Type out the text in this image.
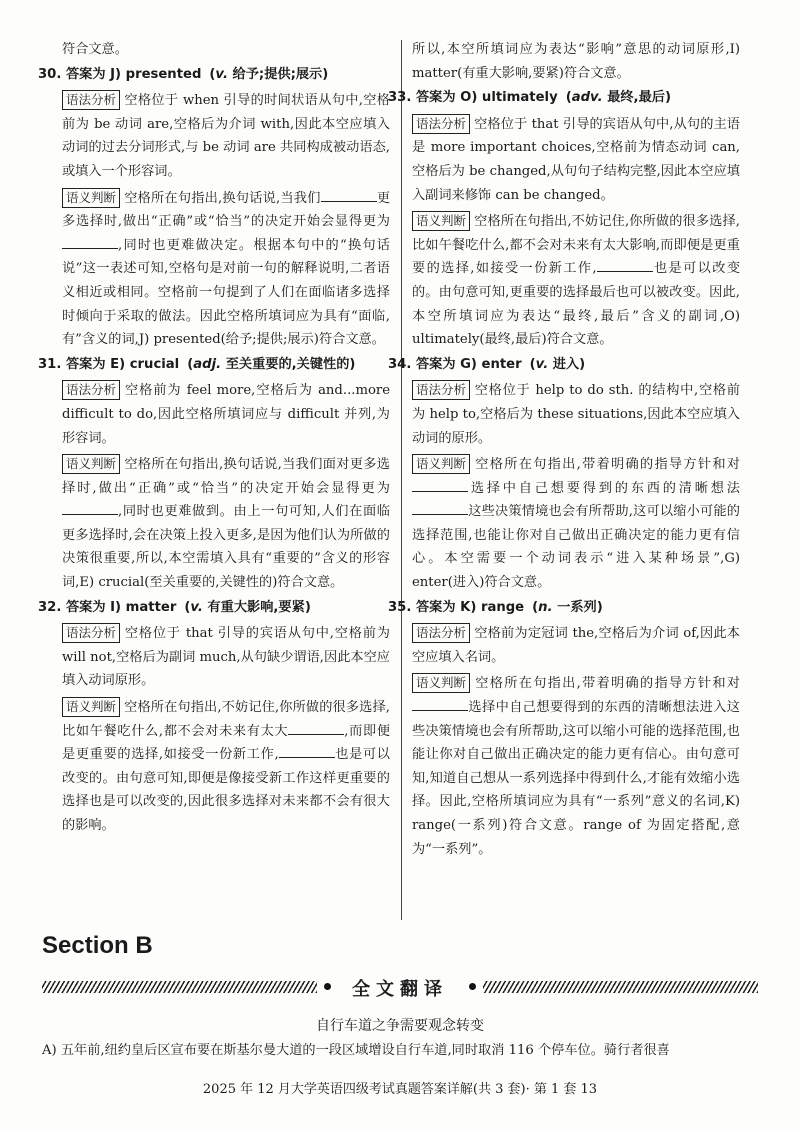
符合文意。

30. 答案为 J) presented (v. 给予;提供;展示)

语法分析 空格位于 when 引导的时间状语从句中,空格前为 be 动词 are,空格后为介词 with,因此本空应填入动词的过去分词形式,与 be 动词 are 共同构成被动语态,或填入一个形容词。

语义判断 空格所在句指出,换句话说,当我们	更多选择时,做出“正确”或“恰当”的决定开始会显得更为,同时也更难做决定。根据本句中的“换句话说”这一表述可知,空格句是对前一句的解释说明,二者语义相近或相同。空格前一句提到了人们在面临诸多选择时倾向于采取的做法。因此空格所填词应为具有“面临,有”含义的词,J) presented(给予;提供;展示)符合文意。

31. 答案为 E) crucial (adj. 至关重要的,关键性的)

语法分析 空格前为 feel more,空格后为 and...more difficult to do,因此空格所填词应与 difficult 并列,为形容词。

语义判断 空格所在句指出,换句话说,当我们面对更多选择时,做出“正确”或“恰当”的决定开始会显得更为,同时也更难做到。由上一句可知,人们在面临更多选择时,会在决策上投入更多,是因为他们认为所做的决策很重要,所以,本空需填入具有“重要的”含义的形容词,E) crucial(至关重要的,关键性的)符合文意。

32. 答案为 I) matter (v. 有重大影响,要紧)

语法分析 空格位于 that 引导的宾语从句中,空格前为 will not,空格后为副词 much,从句缺少谓语,因此本空应填入动词原形。

语义判断 空格所在句指出,不妨记住,你所做的很多选择,比如午餐吃什么,都不会对未来有太大	,而即便是更重要的选择,如接受一份新工作,	也是可以改变的。由句意可知,即便是像接受新工作这样更重要的选择也是可以改变的,因此很多选择对未来都不会有很大的影响。

所以,本空所填词应为表达“影响”意思的动词原形,I) matter(有重大影响,要紧)符合文意。

33. 答案为 O) ultimately (adv. 最终,最后)

语法分析 空格位于 that 引导的宾语从句中,从句的主语是 more important choices,空格前为情态动词 can,空格后为 be changed,从句句子结构完整,因此本空应填入副词来修饰 can be changed。

语义判断 空格所在句指出,不妨记住,你所做的很多选择,比如午餐吃什么,都不会对未来有太大影响,而即便是更重要的选择,如接受一份新工作,	也是可以改变的。由句意可知,更重要的选择最后也可以被改变。因此,本空所填词应为表达“最终,最后”含义的副词,O) ultimately(最终,最后)符合文意。

34. 答案为 G) enter (v. 进入)

语法分析 空格位于 help to do sth. 的结构中,空格前为 help to,空格后为 these situations,因此本空应填入动词的原形。

语义判断 空格所在句指出,带着明确的指导方针和对选择中自己想要得到的东西的清晰想法这些决策情境也会有所帮助,这可以缩小可能的选择范围,也能让你对自己做出正确决定的能力更有信心。本空需要一个动词表示“进入某种场景”,G) enter(进入)符合文意。

35. 答案为 K) range (n. 一系列)

语法分析 空格前为定冠词 the,空格后为介词 of,因此本空应填入名词。

语义判断 空格所在句指出,带着明确的指导方针和对选择中自己想要得到的东西的清晰想法进入这些决策情境也会有所帮助,这可以缩小可能的选择范围,也能让你对自己做出正确决定的能力更有信心。由句意可知,知道自己想从一系列选择中得到什么,才能有效缩小选择。因此,空格所填词应为具有“一系列”意义的名词,K) range(一系列)符合文意。range of 为固定搭配,意为“一系列”。

Section B
全文翻译
自行车道之争需要观念转变
A) 五年前,纽约皇后区宣布要在斯基尔曼大道的一段区域增设自行车道,同时取消 116 个停车位。骑行者很喜
2025 年 12 月大学英语四级考试真题答案详解(共 3 套)· 第 1 套 13
